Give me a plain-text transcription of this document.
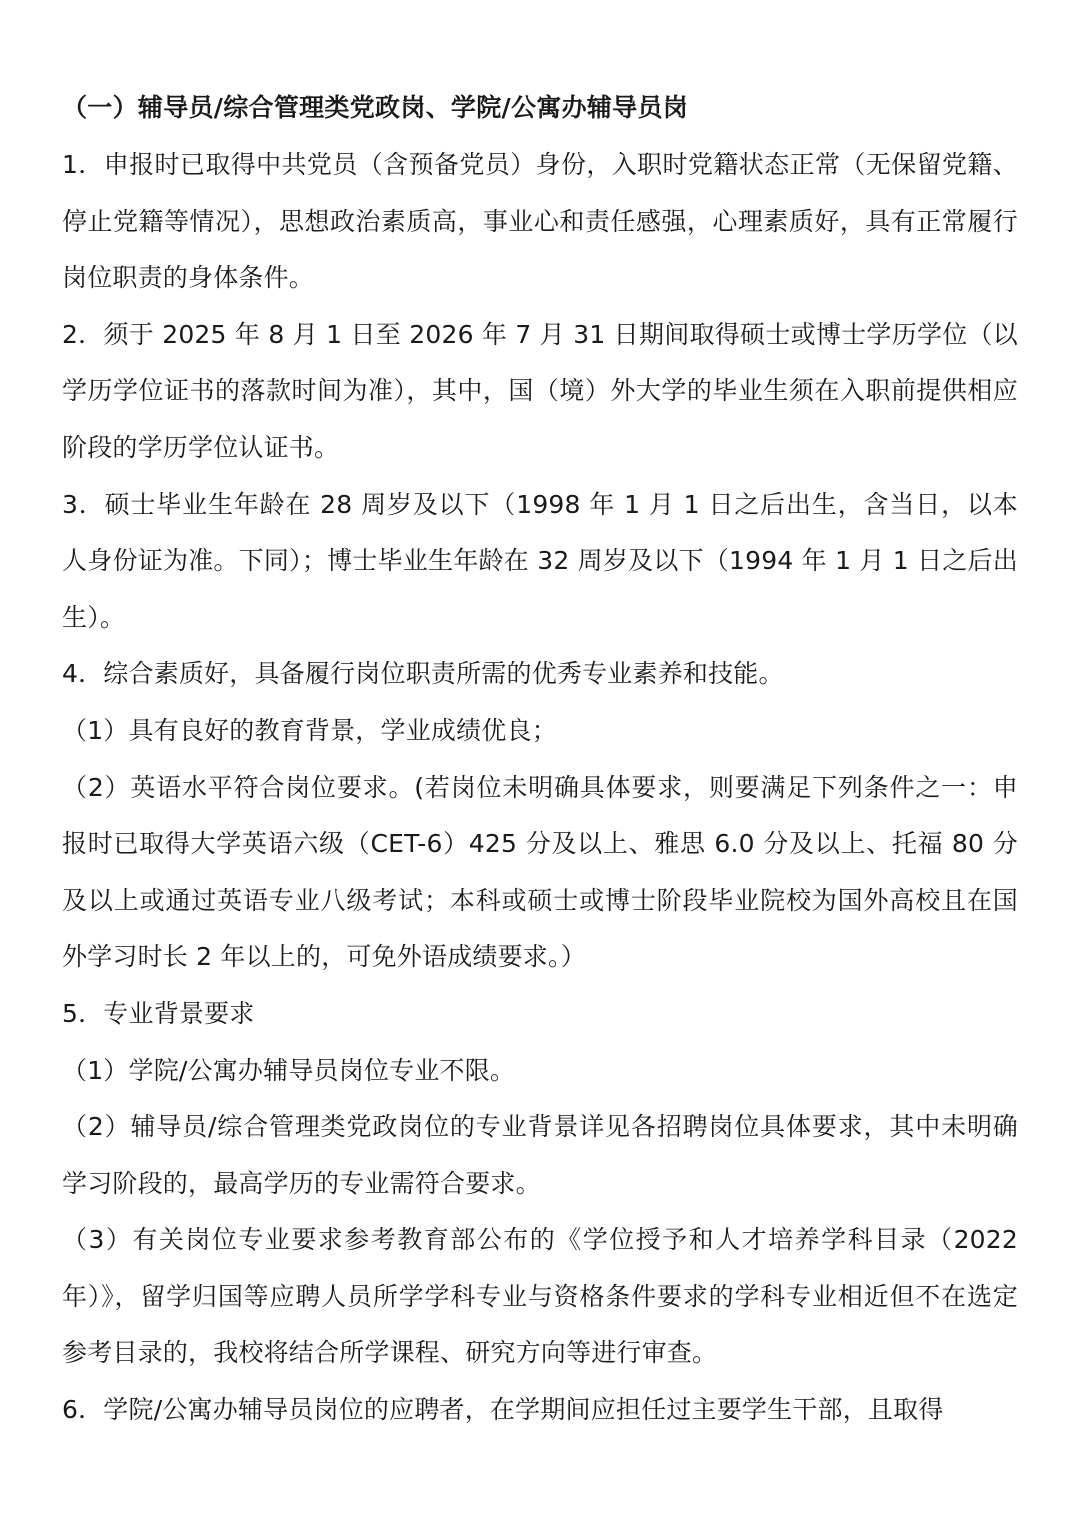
（一）辅导员/综合管理类党政岗、学院/公寓办辅导员岗

1．申报时已取得中共党员（含预备党员）身份，入职时党籍状态正常（无保留党籍、停止党籍等情况），思想政治素质高，事业心和责任感强，心理素质好，具有正常履行岗位职责的身体条件。

2．须于 2025 年 8 月 1 日至 2026 年 7 月 31 日期间取得硕士或博士学历学位（以学历学位证书的落款时间为准），其中，国（境）外大学的毕业生须在入职前提供相应阶段的学历学位认证书。

3．硕士毕业生年龄在 28 周岁及以下（1998 年 1 月 1 日之后出生，含当日，以本人身份证为准。下同）；博士毕业生年龄在 32 周岁及以下（1994 年 1 月 1 日之后出生）。

4．综合素质好，具备履行岗位职责所需的优秀专业素养和技能。

（1）具有良好的教育背景，学业成绩优良；

（2）英语水平符合岗位要求。(若岗位未明确具体要求，则要满足下列条件之一：申报时已取得大学英语六级（CET-6）425 分及以上、雅思 6.0 分及以上、托福 80 分及以上或通过英语专业八级考试；本科或硕士或博士阶段毕业院校为国外高校且在国外学习时长 2 年以上的，可免外语成绩要求。）

5．专业背景要求

（1）学院/公寓办辅导员岗位专业不限。

（2）辅导员/综合管理类党政岗位的专业背景详见各招聘岗位具体要求，其中未明确学习阶段的，最高学历的专业需符合要求。

（3）有关岗位专业要求参考教育部公布的《学位授予和人才培养学科目录（2022年）》，留学归国等应聘人员所学学科专业与资格条件要求的学科专业相近但不在选定参考目录的，我校将结合所学课程、研究方向等进行审查。

6．学院/公寓办辅导员岗位的应聘者，在学期间应担任过主要学生干部，且取得
